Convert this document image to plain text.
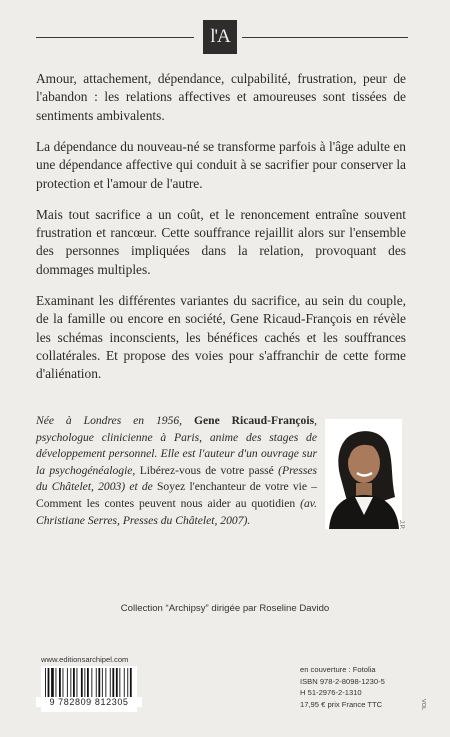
l'A

Amour, attachement, dépendance, culpabilité, frustration, peur de l'abandon : les relations affectives et amoureuses sont tissées de sentiments ambivalents.

La dépendance du nouveau-né se transforme parfois à l'âge adulte en une dépendance affective qui conduit à se sacrifier pour conserver la protection et l'amour de l'autre.

Mais tout sacrifice a un coût, et le renoncement entraîne souvent frustration et rancœur. Cette souffrance rejaillit alors sur l'ensemble des personnes impliquées dans la relation, provoquant des dommages multiples.

Examinant les différentes variantes du sacrifice, au sein du couple, de la famille ou encore en société, Gene Ricaud-François en révèle les schémas inconscients, les bénéfices cachés et les souffrances collatérales. Et propose des voies pour s'affranchir de cette forme d'aliénation.

Née à Londres en 1956, Gene Ricaud-François, psychologue clinicienne à Paris, anime des stages de développement personnel. Elle est l'auteur d'un ouvrage sur la psychogénéalogie, Libérez-vous de votre passé (Presses du Châtelet, 2003) et de Soyez l'enchanteur de votre vie – Comment les contes peuvent nous aider au quotidien (av. Christiane Serres, Presses du Châtelet, 2007).	J.P.
Collection “Archipsy” dirigée par Roseline Davido
www.editionsarchipel.com
9 782809 812305
en couverture : Fotolia
ISBN 978-2-8098-1230-5
H 51-2976-2-1310
17,95 € prix France TTC	VOL
